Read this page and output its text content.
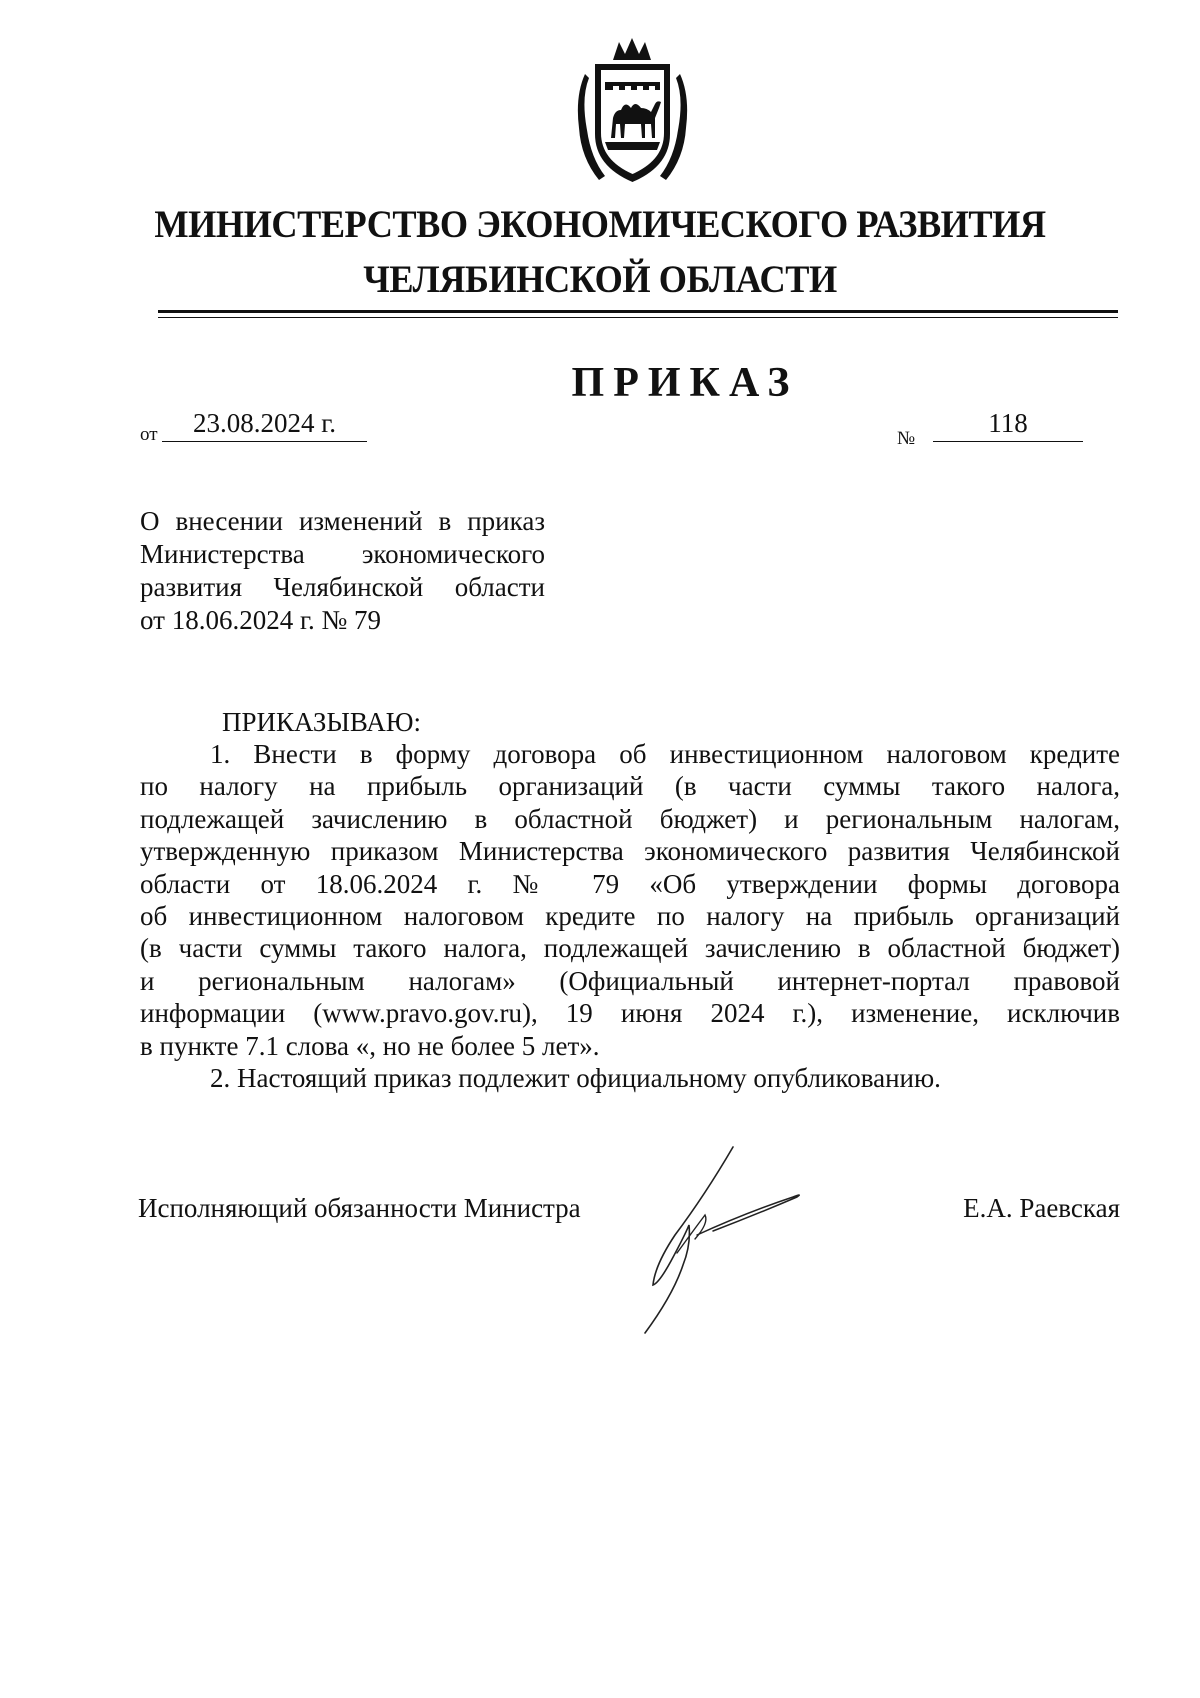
МИНИСТЕРСТВО ЭКОНОМИЧЕСКОГО РАЗВИТИЯ
ЧЕЛЯБИНСКОЙ ОБЛАСТИ
ПРИКАЗ
от	23.08.2024 г.
№
118
О внесении изменений в приказ
Министерства экономического
развития Челябинской области
от 18.06.2024 г. № 79
ПРИКАЗЫВАЮ:
1. Внести в форму договора об инвестиционном налоговом кредите
по налогу на прибыль организаций (в части суммы такого налога,
подлежащей зачислению в областной бюджет) и региональным налогам,
утвержденную приказом Министерства экономического развития Челябинской
области от 18.06.2024 г. № 79 «Об утверждении формы договора
об инвестиционном налоговом кредите по налогу на прибыль организаций
(в части суммы такого налога, подлежащей зачислению в областной бюджет)
и региональным налогам» (Официальный интернет-портал правовой
информации (www.pravo.gov.ru), 19 июня 2024 г.), изменение, исключив
в пункте 7.1 слова «, но не более 5 лет».
2. Настоящий приказ подлежит официальному опубликованию.
Исполняющий обязанности Министра	Е.А. Раевская
